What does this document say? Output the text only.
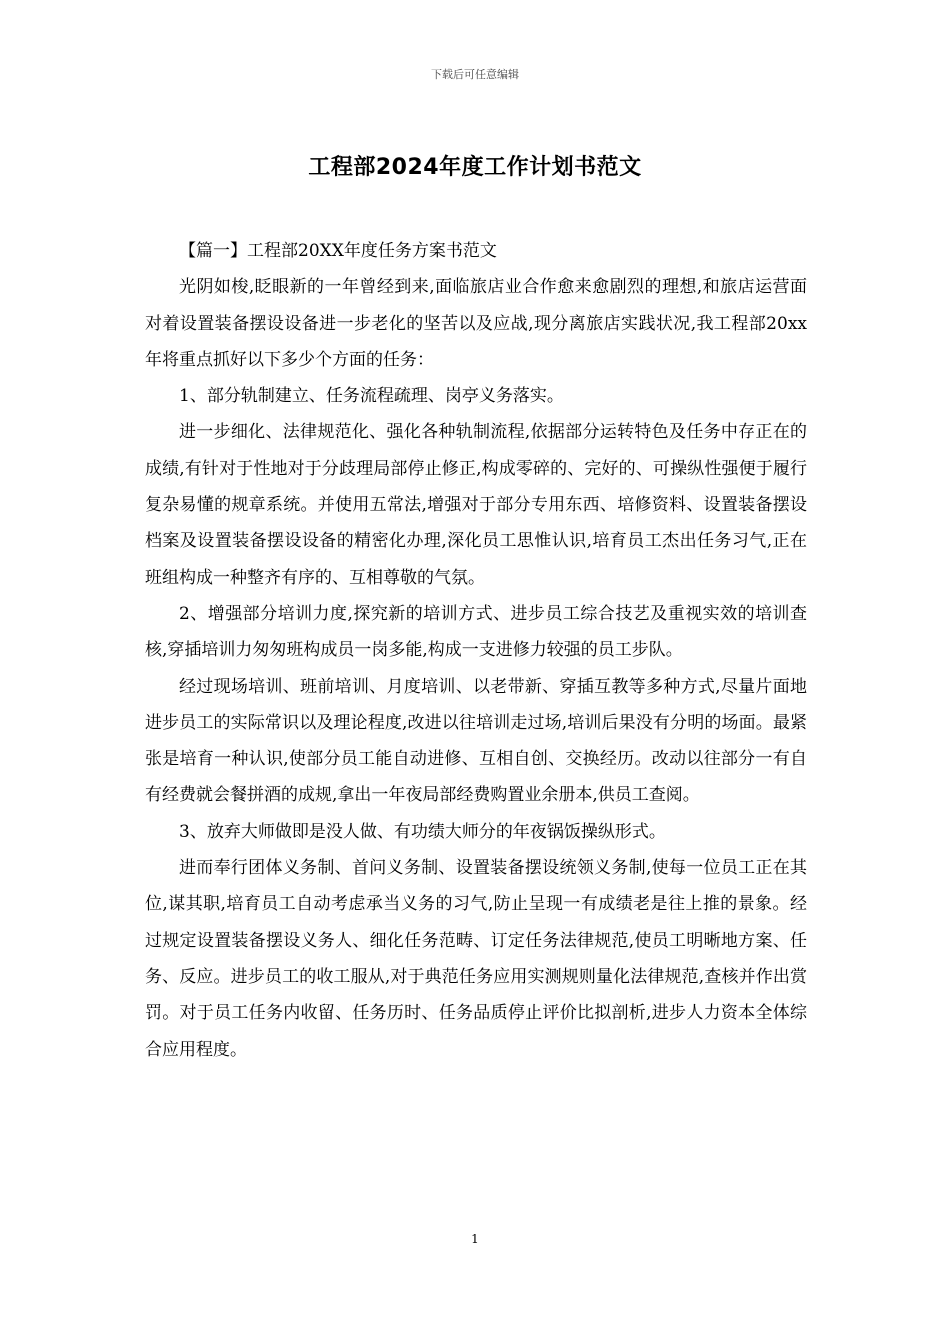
下载后可任意编辑
工程部2024年度工作计划书范文

【篇一】工程部20XX年度任务方案书范文

光阴如梭,眨眼新的一年曾经到来,面临旅店业合作愈来愈剧烈的理想,和旅店运营面对着设置装备摆设设备进一步老化的坚苦以及应战,现分离旅店实践状况,我工程部20xx年将重点抓好以下多少个方面的任务：

1、部分轨制建立、任务流程疏理、岗亭义务落实。

进一步细化、法律规范化、强化各种轨制流程,依据部分运转特色及任务中存正在的成绩,有针对于性地对于分歧理局部停止修正,构成零碎的、完好的、可操纵性强便于履行复杂易懂的规章系统。并使用五常法,增强对于部分专用东西、培修资料、设置装备摆设档案及设置装备摆设设备的精密化办理,深化员工思惟认识,培育员工杰出任务习气,正在班组构成一种整齐有序的、互相尊敬的气氛。

2、增强部分培训力度,探究新的培训方式、进步员工综合技艺及重视实效的培训查核,穿插培训力匆匆班构成员一岗多能,构成一支进修力较强的员工步队。

经过现场培训、班前培训、月度培训、以老带新、穿插互教等多种方式,尽量片面地进步员工的实际常识以及理论程度,改进以往培训走过场,培训后果没有分明的场面。最紧张是培育一种认识,使部分员工能自动进修、互相自创、交换经历。改动以往部分一有自有经费就会餐拼酒的成规,拿出一年夜局部经费购置业余册本,供员工查阅。

3、放弃大师做即是没人做、有功绩大师分的年夜锅饭操纵形式。

进而奉行团体义务制、首问义务制、设置装备摆设统领义务制,使每一位员工正在其位,谋其职,培育员工自动考虑承当义务的习气,防止呈现一有成绩老是往上推的景象。经过规定设置装备摆设义务人、细化任务范畴、订定任务法律规范,使员工明晰地方案、任务、反应。进步员工的收工服从,对于典范任务应用实测规则量化法律规范,查核并作出赏罚。对于员工任务内收留、任务历时、任务品质停止评价比拟剖析,进步人力资本全体综合应用程度。

1
